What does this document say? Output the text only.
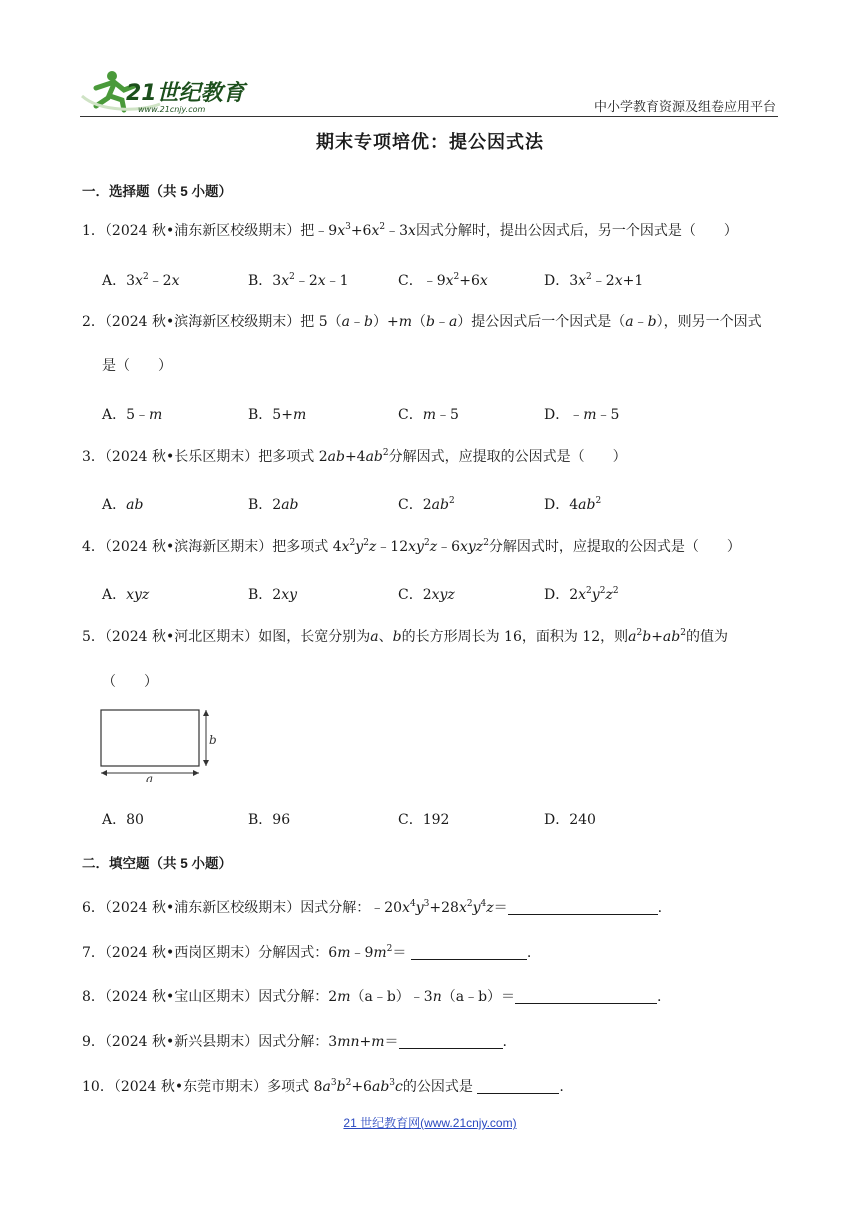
21世纪教育
www.21cnjy.com	中小学教育资源及组卷应用平台
期末专项培优：提公因式法
一．选择题（共 5 小题）
1．（2024 秋•浦东新区校级期末）把$﹣9x^3+6x^2﹣3x$因式分解时，提出公因式后，另一个因式是（　　）
A．$3x^2﹣2x$	B．$3x^2﹣2x﹣1$	C．$﹣9x^2+6x$	D．$3x^2﹣2x+1$
2．（2024 秋•滨海新区校级期末）把 5（a﹣b）+m（b﹣a）提公因式后一个因式是（a﹣b），则另一个因式
是（　　）
A．5﹣m	B．5+m	C．m﹣5	D．﹣m﹣5
3．（2024 秋•长乐区期末）把多项式 $2ab+4ab^2$分解因式，应提取的公因式是（　　）
A．ab	B．2ab	C．$2ab^2$	D．$4ab^2$
4．（2024 秋•滨海新区期末）把多项式 $4x^2y^2z﹣12xy^2z﹣6xyz^2$分解因式时，应提取的公因式是（　　）
A．xyz	B．2xy	C．2xyz	D．$2x^2y^2z^2$
5．（2024 秋•河北区期末）如图，长宽分别为a、b的长方形周长为 16，面积为 12，则$a^2b+ab^2$的值为
（　　）
b
a
A．80	B．96	C．192	D．240
二．填空题（共 5 小题）
6．（2024 秋•浦东新区校级期末）因式分解：$﹣20x^4y^3+28x^2y^4z=$	.
7．（2024 秋•西岗区期末）分解因式：$6m﹣9m^2=$	.
8．（2024 秋•宝山区期末）因式分解：2m（a﹣b）﹣3n（a﹣b）＝	.
9．（2024 秋•新兴县期末）因式分解：3mn+m＝	.
10．（2024 秋•东莞市期末）多项式 $8a^3b^2+6ab^3c$的公因式是	.
21 世纪教育网(www.21cnjy.com)
